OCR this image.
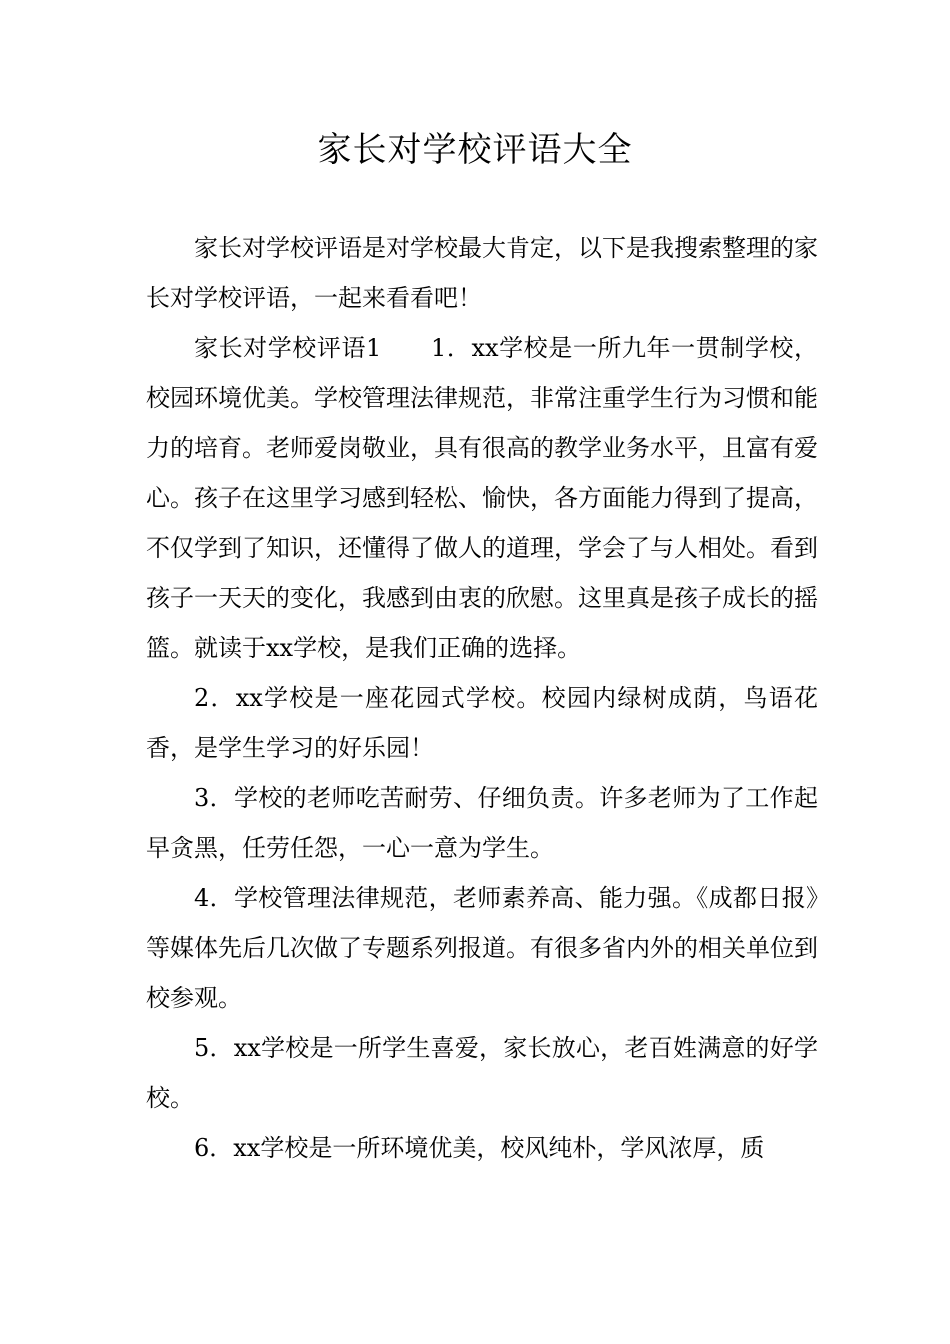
家长对学校评语大全

家长对学校评语是对学校最大肯定，以下是我搜索整理的家长对学校评语，一起来看看吧！

家长对学校评语1　　1．xx学校是一所九年一贯制学校，校园环境优美。学校管理法律规范，非常注重学生行为习惯和能力的培育。老师爱岗敬业，具有很高的教学业务水平，且富有爱心。孩子在这里学习感到轻松、愉快，各方面能力得到了提高，不仅学到了知识，还懂得了做人的道理，学会了与人相处。看到孩子一天天的变化，我感到由衷的欣慰。这里真是孩子成长的摇篮。就读于xx学校，是我们正确的选择。

2．xx学校是一座花园式学校。校园内绿树成荫，鸟语花香，是学生学习的好乐园！

3．学校的老师吃苦耐劳、仔细负责。许多老师为了工作起早贪黑，任劳任怨，一心一意为学生。

4．学校管理法律规范，老师素养高、能力强。《成都日报》等媒体先后几次做了专题系列报道。有很多省内外的相关单位到校参观。

5．xx学校是一所学生喜爱，家长放心，老百姓满意的好学校。

6．xx学校是一所环境优美，校风纯朴，学风浓厚，质
